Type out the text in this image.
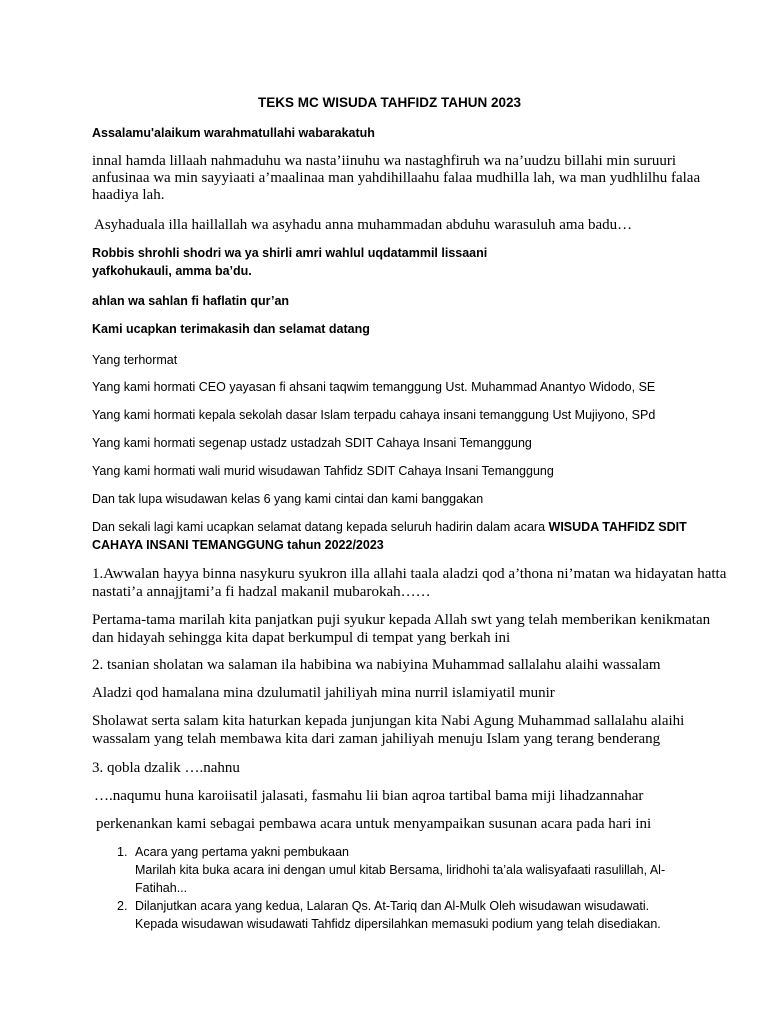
TEKS MC WISUDA TAHFIDZ TAHUN 2023

Assalamu'alaikum warahmatullahi wabarakatuh

innal hamda lillaah nahmaduhu wa nasta’iinuhu wa nastaghfiruh wa na’uudzu billahi min suruuri

anfusinaa wa min sayyiaati a’maalinaa man yahdihillaahu falaa mudhilla lah, wa man yudhlilhu falaa

haadiya lah.

Asyhaduala illa haillallah wa asyhadu anna muhammadan abduhu warasuluh ama badu…

Robbis shrohli shodri wa ya shirli amri wahlul uqdatammil lissaani

yafkohukauli, amma ba’du.

ahlan wa sahlan fi haflatin qur’an

Kami ucapkan terimakasih dan selamat datang

Yang terhormat

Yang kami hormati CEO yayasan fi ahsani taqwim temanggung Ust. Muhammad Anantyo Widodo, SE

Yang kami hormati kepala sekolah dasar Islam terpadu cahaya insani temanggung Ust Mujiyono, SPd

Yang kami hormati segenap ustadz ustadzah SDIT Cahaya Insani Temanggung

Yang kami hormati wali murid wisudawan Tahfidz SDIT Cahaya Insani Temanggung

Dan tak lupa wisudawan kelas 6 yang kami cintai dan kami banggakan

Dan sekali lagi kami ucapkan selamat datang kepada seluruh hadirin dalam acara WISUDA TAHFIDZ SDIT

CAHAYA INSANI TEMANGGUNG tahun 2022/2023

1.Awwalan hayya binna nasykuru syukron illa allahi taala aladzi qod a’thona ni’matan wa hidayatan hatta

nastati’a annajjtami’a fi hadzal makanil mubarokah……

Pertama-tama marilah kita panjatkan puji syukur kepada Allah swt yang telah memberikan kenikmatan

dan hidayah sehingga kita dapat berkumpul di tempat yang berkah ini

2. tsanian sholatan wa salaman ila habibina wa nabiyina Muhammad sallalahu alaihi wassalam

Aladzi qod hamalana mina dzulumatil jahiliyah mina nurril islamiyatil munir

Sholawat serta salam kita haturkan kepada junjungan kita Nabi Agung Muhammad sallalahu alaihi

wassalam yang telah membawa kita dari zaman jahiliyah menuju Islam yang terang benderang

3. qobla dzalik ….nahnu

….naqumu huna karoiisatil jalasati, fasmahu lii bian aqroa tartibal bama miji lihadzannahar

perkenankan kami sebagai pembawa acara untuk menyampaikan susunan acara pada hari ini

1. Acara yang pertama yakni pembukaan

Marilah kita buka acara ini dengan umul kitab Bersama, liridhohi ta’ala walisyafaati rasulillah, Al-

Fatihah...

2. Dilanjutkan acara yang kedua, Lalaran Qs. At-Tariq dan Al-Mulk Oleh wisudawan wisudawati.

Kepada wisudawan wisudawati Tahfidz dipersilahkan memasuki podium yang telah disediakan.
